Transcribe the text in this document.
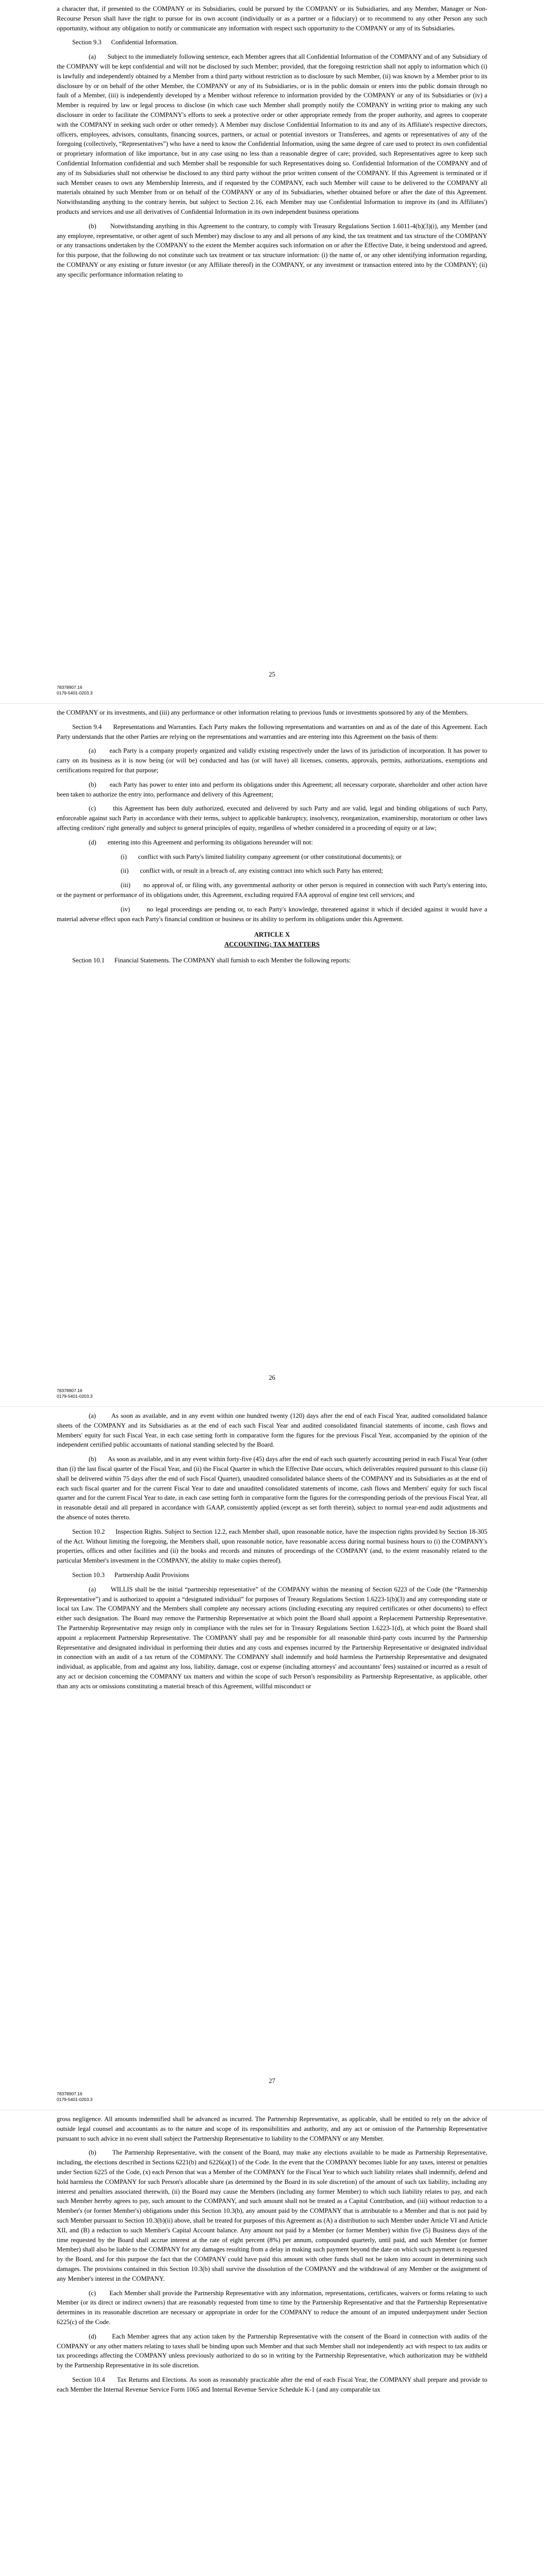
a character that, if presented to the COMPANY or its Subsidiaries, could be pursued by the COMPANY or its Subsidiaries, and any Member, Manager or Non-Recourse Person shall have the right to pursue for its own account (individually or as a partner or a fiduciary) or to recommend to any other Person any such opportunity, without any obligation to notify or communicate any information with respect such opportunity to the COMPANY or any of its Subsidiaries.

Section 9.3      Confidential Information.

(a)       Subject to the immediately following sentence, each Member agrees that all Confidential Information of the COMPANY and of any Subsidiary of the COMPANY will be kept confidential and will not be disclosed by such Member; provided, that the foregoing restriction shall not apply to information which (i) is lawfully and independently obtained by a Member from a third party without restriction as to disclosure by such Member, (ii) was known by a Member prior to its disclosure by or on behalf of the other Member, the COMPANY or any of its Subsidiaries, or is in the public domain or enters into the public domain through no fault of a Member, (iii) is independently developed by a Member without reference to information provided by the COMPANY or any of its Subsidiaries or (iv) a Member is required by law or legal process to disclose (in which case such Member shall promptly notify the COMPANY in writing prior to making any such disclosure in order to facilitate the COMPANY's efforts to seek a protective order or other appropriate remedy from the proper authority, and agrees to cooperate with the COMPANY in seeking such order or other remedy). A Member may disclose Confidential Information to its and any of its Affiliate's respective directors, officers, employees, advisors, consultants, financing sources, partners, or actual or potential investors or Transferees, and agents or representatives of any of the foregoing (collectively, “Representatives”) who have a need to know the Confidential Information, using the same degree of care used to protect its own confidential or proprietary information of like importance, but in any case using no less than a reasonable degree of care; provided, such Representatives agree to keep such Confidential Information confidential and such Member shall be responsible for such Representatives doing so. Confidential Information of the COMPANY and of any of its Subsidiaries shall not otherwise be disclosed to any third party without the prior written consent of the COMPANY. If this Agreement is terminated or if such Member ceases to own any Membership Interests, and if requested by the COMPANY, each such Member will cause to be delivered to the COMPANY all materials obtained by such Member from or on behalf of the COMPANY or any of its Subsidiaries, whether obtained before or after the date of this Agreement. Notwithstanding anything to the contrary herein, but subject to Section 2.16, each Member may use Confidential Information to improve its (and its Affiliates') products and services and use all derivatives of Confidential Information in its own independent business operations

(b)       Notwithstanding anything in this Agreement to the contrary, to comply with Treasury Regulations Section 1.6011-4(b)(3)(i), any Member (and any employee, representative, or other agent of such Member) may disclose to any and all persons of any kind, the tax treatment and tax structure of the COMPANY or any transactions undertaken by the COMPANY to the extent the Member acquires such information on or after the Effective Date, it being understood and agreed, for this purpose, that the following do not constitute such tax treatment or tax structure information: (i) the name of, or any other identifying information regarding, the COMPANY or any existing or future investor (or any Affiliate thereof) in the COMPANY, or any investment or transaction entered into by the COMPANY; (ii) any specific performance information relating to

25
78378907.16
0179-5401-0203.3

the COMPANY or its investments, and (iii) any performance or other information relating to previous funds or investments sponsored by any of the Members.

Section 9.4      Representations and Warranties. Each Party makes the following representations and warranties on and as of the date of this Agreement. Each Party understands that the other Parties are relying on the representations and warranties and are entering into this Agreement on the basis of them:

(a)       each Party is a company properly organized and validly existing respectively under the laws of its jurisdiction of incorporation. It has power to carry on its business as it is now being (or will be) conducted and has (or will have) all licenses, consents, approvals, permits, authorizations, exemptions and certifications required for that purpose;

(b)       each Party has power to enter into and perform its obligations under this Agreement; all necessary corporate, shareholder and other action have been taken to authorize the entry into, performance and delivery of this Agreement;

(c)       this Agreement has been duly authorized, executed and delivered by such Party and are valid, legal and binding obligations of such Party, enforceable against such Party in accordance with their terms, subject to applicable bankruptcy, insolvency, reorganization, examinership, moratorium or other laws affecting creditors' right generally and subject to general principles of equity, regardless of whether considered in a proceeding of equity or at law;

(d)       entering into this Agreement and performing its obligations hereunder will not:

(i)       conflict with such Party's limited liability company agreement (or other constitutional documents); or

(ii)       conflict with, or result in a breach of, any existing contract into which such Party has entered;

(iii)       no approval of, or filing with, any governmental authority or other person is required in connection with such Party's entering into, or the payment or performance of its obligations under, this Agreement, excluding required FAA approval of engine test cell services; and

(iv)       no legal proceedings are pending or, to each Party's knowledge, threatened against it which if decided against it would have a material adverse effect upon each Party's financial condition or business or its ability to perform its obligations under this Agreement.

ARTICLE X

ACCOUNTING; TAX MATTERS

Section 10.1      Financial Statements. The COMPANY shall furnish to each Member the following reports:

26
78378907.16
0179-5401-0203.3

(a)       As soon as available, and in any event within one hundred twenty (120) days after the end of each Fiscal Year, audited consolidated balance sheets of the COMPANY and its Subsidiaries as at the end of each such Fiscal Year and audited consolidated financial statements of income, cash flows and Members' equity for such Fiscal Year, in each case setting forth in comparative form the figures for the previous Fiscal Year, accompanied by the opinion of the independent certified public accountants of national standing selected by the Board.

(b)       As soon as available, and in any event within forty-five (45) days after the end of each such quarterly accounting period in each Fiscal Year (other than (i) the last fiscal quarter of the Fiscal Year, and (ii) the Fiscal Quarter in which the Effective Date occurs, which deliverables required pursuant to this clause (ii) shall be delivered within 75 days after the end of such Fiscal Quarter), unaudited consolidated balance sheets of the COMPANY and its Subsidiaries as at the end of each such fiscal quarter and for the current Fiscal Year to date and unaudited consolidated statements of income, cash flows and Members' equity for such fiscal quarter and for the current Fiscal Year to date, in each case setting forth in comparative form the figures for the corresponding periods of the previous Fiscal Year, all in reasonable detail and all prepared in accordance with GAAP, consistently applied (except as set forth therein), subject to normal year-end audit adjustments and the absence of notes thereto.

Section 10.2      Inspection Rights. Subject to Section 12.2, each Member shall, upon reasonable notice, have the inspection rights provided by Section 18-305 of the Act. Without limiting the foregoing, the Members shall, upon reasonable notice, have reasonable access during normal business hours to (i) the COMPANY's properties, offices and other facilities and (ii) the books and records and minutes of proceedings of the COMPANY (and, to the extent reasonably related to the particular Member's investment in the COMPANY, the ability to make copies thereof).

Section 10.3      Partnership Audit Provisions

(a)       WILLIS shall be the initial “partnership representative” of the COMPANY within the meaning of Section 6223 of the Code (the “Partnership Representative”) and is authorized to appoint a “designated individual” for purposes of Treasury Regulations Section 1.6223-1(b)(3) and any corresponding state or local tax Law. The COMPANY and the Members shall complete any necessary actions (including executing any required certificates or other documents) to effect either such designation. The Board may remove the Partnership Representative at which point the Board shall appoint a Replacement Partnership Representative. The Partnership Representative may resign only in compliance with the rules set for in Treasury Regulations Section 1.6223-1(d), at which point the Board shall appoint a replacement Partnership Representative. The COMPANY shall pay and be responsible for all reasonable third-party costs incurred by the Partnership Representative and designated individual in performing their duties and any costs and expenses incurred by the Partnership Representative or designated individual in connection with an audit of a tax return of the COMPANY. The COMPANY shall indemnify and hold harmless the Partnership Representative and designated individual, as applicable, from and against any loss, liability, damage, cost or expense (including attorneys' and accountants' fees) sustained or incurred as a result of any act or decision concerning the COMPANY tax matters and within the scope of such Person's responsibility as Partnership Representative, as applicable, other than any acts or omissions constituting a material breach of this Agreement, willful misconduct or

27
78378907.16
0179-5401-0203.3

gross negligence. All amounts indemnified shall be advanced as incurred. The Partnership Representative, as applicable, shall be entitled to rely on the advice of outside legal counsel and accountants as to the nature and scope of its responsibilities and authority, and any act or omission of the Partnership Representative pursuant to such advice in no event shall subject the Partnership Representative to liability to the COMPANY or any Member.

(b)       The Partnership Representative, with the consent of the Board, may make any elections available to be made as Partnership Representative, including, the elections described in Sections 6221(b) and 6226(a)(1) of the Code. In the event that the COMPANY becomes liable for any taxes, interest or penalties under Section 6225 of the Code, (x) each Person that was a Member of the COMPANY for the Fiscal Year to which such liability relates shall indemnify, defend and hold harmless the COMPANY for such Person's allocable share (as determined by the Board in its sole discretion) of the amount of such tax liability, including any interest and penalties associated therewith, (ii) the Board may cause the Members (including any former Member) to which such liability relates to pay, and each such Member hereby agrees to pay, such amount to the COMPANY, and such amount shall not be treated as a Capital Contribution, and (iii) without reduction to a Member's (or former Member's) obligations under this Section 10.3(b), any amount paid by the COMPANY that is attributable to a Member and that is not paid by such Member pursuant to Section 10.3(b)(ii) above, shall be treated for purposes of this Agreement as (A) a distribution to such Member under Article VI and Article XII, and (B) a reduction to such Member's Capital Account balance. Any amount not paid by a Member (or former Member) within five (5) Business days of the time requested by the Board shall accrue interest at the rate of eight percent (8%) per annum, compounded quarterly, until paid, and such Member (or former Member) shall also be liable to the COMPANY for any damages resulting from a delay in making such payment beyond the date on which such payment is requested by the Board, and for this purpose the fact that the COMPANY could have paid this amount with other funds shall not be taken into account in determining such damages. The provisions contained in this Section 10.3(b) shall survive the dissolution of the COMPANY and the withdrawal of any Member or the assignment of any Member's interest in the COMPANY.

(c)       Each Member shall provide the Partnership Representative with any information, representations, certificates, waivers or forms relating to such Member (or its direct or indirect owners) that are reasonably requested from time to time by the Partnership Representative and that the Partnership Representative determines in its reasonable discretion are necessary or appropriate in order for the COMPANY to reduce the amount of an imputed underpayment under Section 6225(c) of the Code.

(d)       Each Member agrees that any action taken by the Partnership Representative with the consent of the Board in connection with audits of the COMPANY or any other matters relating to taxes shall be binding upon such Member and that such Member shall not independently act with respect to tax audits or tax proceedings affecting the COMPANY unless previously authorized to do so in writing by the Partnership Representative, which authorization may be withheld by the Partnership Representative in its sole discretion.

Section 10.4      Tax Returns and Elections. As soon as reasonably practicable after the end of each Fiscal Year, the COMPANY shall prepare and provide to each Member the Internal Revenue Service Form 1065 and Internal Revenue Service Schedule K-1 (and any comparable tax
